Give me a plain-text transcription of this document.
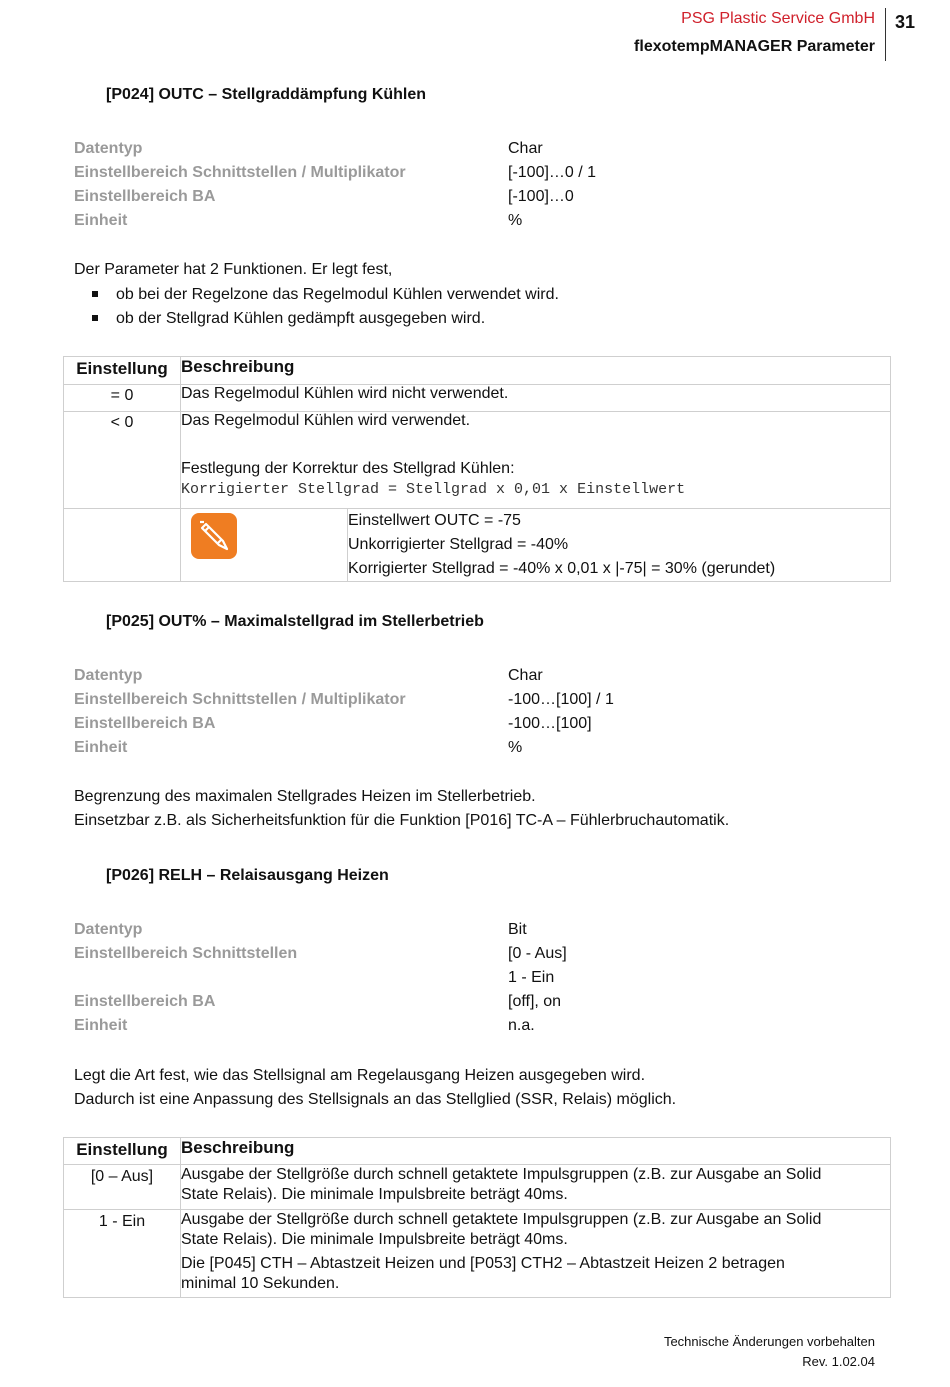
PSG Plastic Service GmbH
flexotempMANAGER Parameter
31
[P024] OUTC – Stellgraddämpfung Kühlen
Datentyp	Char
Einstellbereich Schnittstellen / Multiplikator	[-100]…0 / 1
Einstellbereich BA	[-100]…0
Einheit	%
Der Parameter hat 2 Funktionen. Er legt fest,
ob bei der Regelzone das Regelmodul Kühlen verwendet wird.
ob der Stellgrad Kühlen gedämpft ausgegeben wird.
Einstellung	Beschreibung	
= 0	Das Regelmodul Kühlen wird nicht verwendet.	
< 0	Das Regelmodul Kühlen wird verwendet.
Festlegung der Korrektur des Stellgrad Kühlen:
Korrigierter Stellgrad = Stellgrad x 0,01 x Einstellwert	

Einstellwert OUTC = -75
Unkorrigierter Stellgrad = -40%
Korrigierter Stellgrad = -40% x 0,01 x |-75| = 30% (gerundet)
[P025] OUT% – Maximalstellgrad im Stellerbetrieb
Datentyp	Char
Einstellbereich Schnittstellen / Multiplikator	-100…[100] / 1
Einstellbereich BA	-100…[100]
Einheit	%
Begrenzung des maximalen Stellgrades Heizen im Stellerbetrieb.
Einsetzbar z.B. als Sicherheitsfunktion für die Funktion [P016] TC-A – Fühlerbruchautomatik.
[P026] RELH – Relaisausgang Heizen
Datentyp	Bit
Einstellbereich Schnittstellen	[0 - Aus]
1 - Ein
Einstellbereich BA	[off], on
Einheit	n.a.
Legt die Art fest, wie das Stellsignal am Regelausgang Heizen ausgegeben wird.
Dadurch ist eine Anpassung des Stellsignals an das Stellglied (SSR, Relais) möglich.
Einstellung	Beschreibung
[0 – Aus]	Ausgabe der Stellgröße durch schnell getaktete Impulsgruppen (z.B. zur Ausgabe an Solid
State Relais). Die minimale Impulsbreite beträgt 40ms.

1 - Ein	Ausgabe der Stellgröße durch schnell getaktete Impulsgruppen (z.B. zur Ausgabe an Solid
State Relais). Die minimale Impulsbreite beträgt 40ms.
Die [P045] CTH – Abtastzeit Heizen und [P053] CTH2 – Abtastzeit Heizen 2 betragen
minimal 10 Sekunden.
Technische Änderungen vorbehalten
Rev. 1.02.04
